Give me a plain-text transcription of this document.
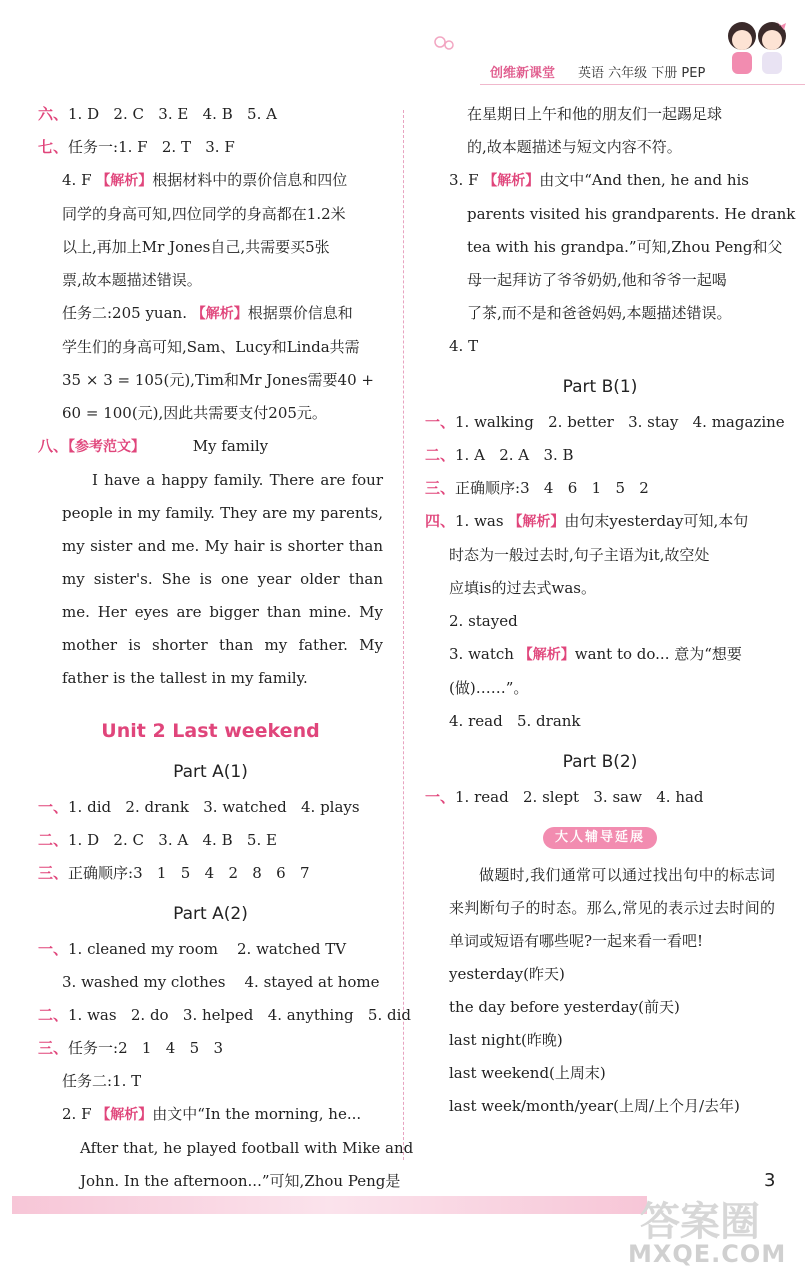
创维新课堂 英语 六年级 下册 PEP
六、1. D   2. C   3. E   4. B   5. A
七、任务一:1. F   2. T   3. F
4. F 【解析】根据材料中的票价信息和四位
同学的身高可知,四位同学的身高都在1.2米
以上,再加上Mr Jones自己,共需要买5张
票,故本题描述错误。
任务二:205 yuan. 【解析】根据票价信息和
学生们的身高可知,Sam、Lucy和Linda共需
35 × 3 = 105(元),Tim和Mr Jones需要40 +
60 = 100(元),因此共需要支付205元。
八、【参考范文】          My family
I have a happy family. There are four people in my family. They are my parents, my sister and me. My hair is shorter than my sister's. She is one year older than me. Her eyes are bigger than mine. My mother is shorter than my father. My father is the tallest in my family.
Unit 2 Last weekend
Part A(1)
一、1. did   2. drank   3. watched   4. plays
二、1. D   2. C   3. A   4. B   5. E
三、正确顺序:3   1   5   4   2   8   6   7
Part A(2)
一、1. cleaned my room    2. watched TV
3. washed my clothes    4. stayed at home
二、1. was   2. do   3. helped   4. anything   5. did
三、任务一:2   1   4   5   3
任务二:1. T
2. F 【解析】由文中“In the morning, he...
After that, he played football with Mike and
John. In the afternoon...”可知,Zhou Peng是
在星期日上午和他的朋友们一起踢足球
的,故本题描述与短文内容不符。
3. F 【解析】由文中“And then, he and his
parents visited his grandparents. He drank
tea with his grandpa.”可知,Zhou Peng和父
母一起拜访了爷爷奶奶,他和爷爷一起喝
了茶,而不是和爸爸妈妈,本题描述错误。
4. T
Part B(1)
一、1. walking   2. better   3. stay   4. magazine
二、1. A   2. A   3. B
三、正确顺序:3   4   6   1   5   2
四、1. was 【解析】由句末yesterday可知,本句
时态为一般过去时,句子主语为it,故空处
应填is的过去式was。
2. stayed
3. watch 【解析】want to do... 意为“想要
(做)……”。
4. read   5. drank
Part B(2)
一、1. read   2. slept   3. saw   4. had
大人辅导延展
做题时,我们通常可以通过找出句中的标志词来判断句子的时态。那么,常见的表示过去时间的单词或短语有哪些呢?一起来看一看吧!
yesterday(昨天)
the day before yesterday(前天)
last night(昨晚)
last weekend(上周末)
last week/month/year(上周/上个月/去年)
3
答案圈
MXQE.COM
